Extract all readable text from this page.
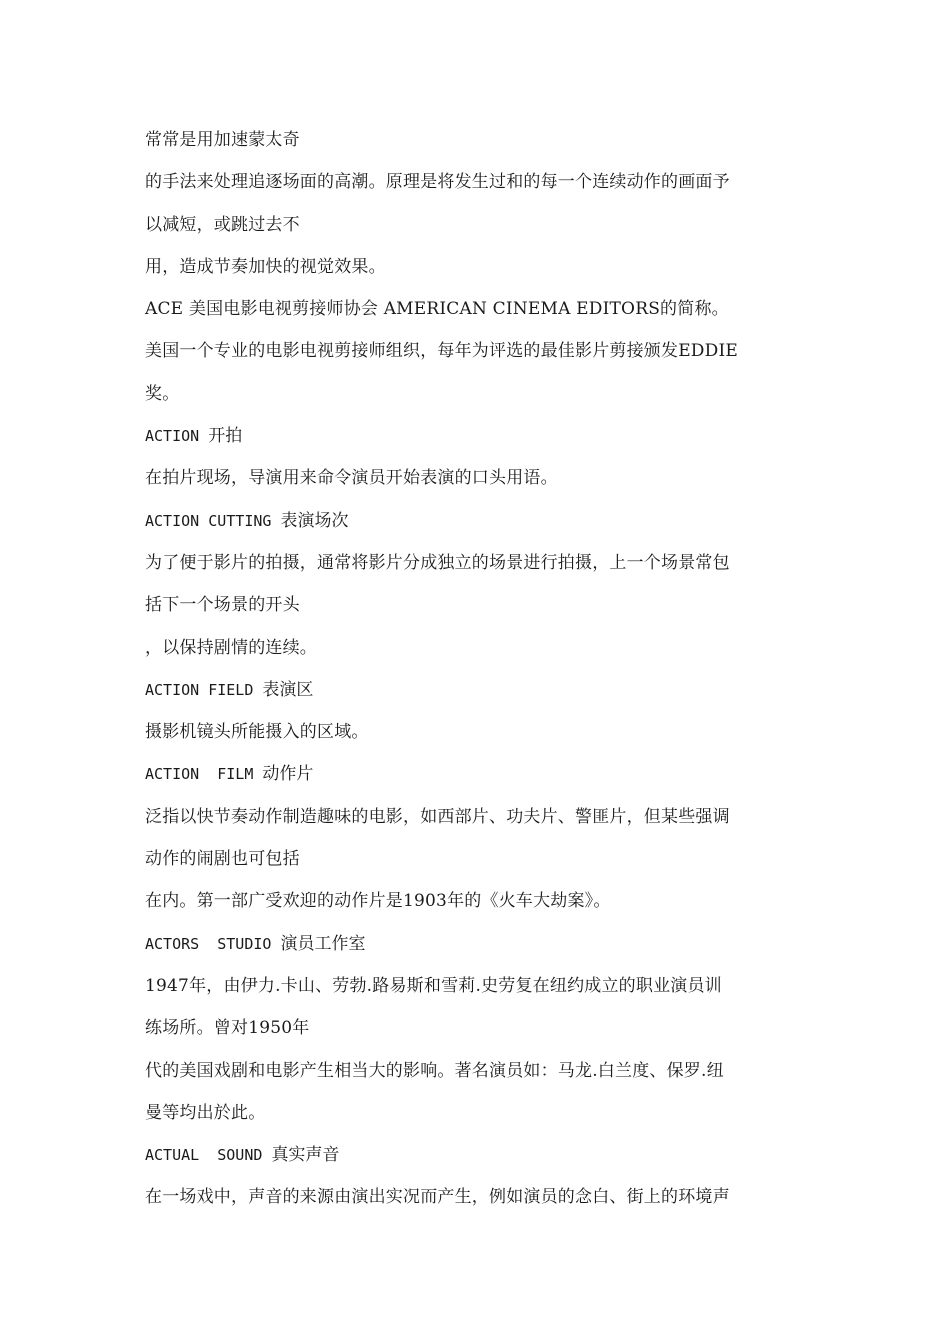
常常是用加速蒙太奇
的手法来处理追逐场面的高潮。原理是将发生过和的每一个连续动作的画面予
以减短，或跳过去不
用，造成节奏加快的视觉效果。
ACE 美国电影电视剪接师协会 AMERICAN CINEMA EDITORS的简称。
美国一个专业的电影电视剪接师组织，每年为评选的最佳影片剪接颁发EDDIE
奖。
ACTION 开拍
在拍片现场，导演用来命令演员开始表演的口头用语。
ACTION CUTTING 表演场次
为了便于影片的拍摄，通常将影片分成独立的场景进行拍摄，上一个场景常包
括下一个场景的开头
，以保持剧情的连续。
ACTION FIELD 表演区
摄影机镜头所能摄入的区域。
ACTION  FILM 动作片
泛指以快节奏动作制造趣味的电影，如西部片、功夫片、警匪片，但某些强调
动作的闹剧也可包括
在内。第一部广受欢迎的动作片是1903年的《火车大劫案》。
ACTORS  STUDIO 演员工作室
1947年，由伊力.卡山、劳勃.路易斯和雪莉.史劳复在纽约成立的职业演员训
练场所。曾对1950年
代的美国戏剧和电影产生相当大的影响。著名演员如：马龙.白兰度、保罗.纽
曼等均出於此。
ACTUAL  SOUND 真实声音
在一场戏中，声音的来源由演出实况而产生，例如演员的念白、街上的环境声
